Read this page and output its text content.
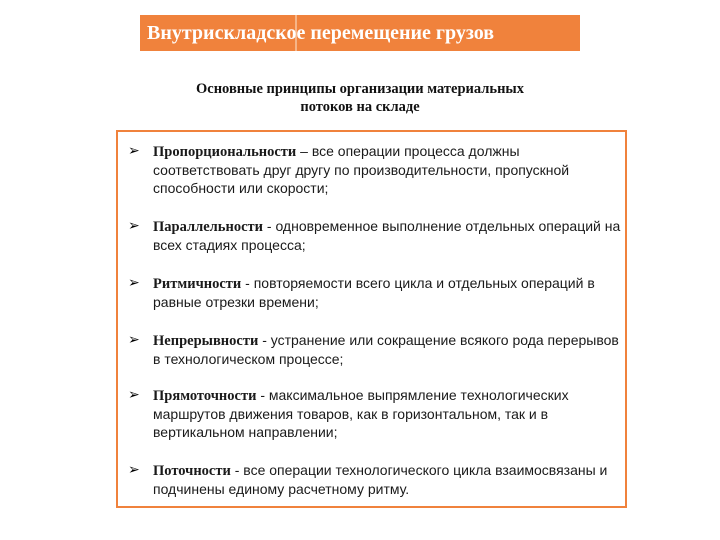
Внутрискладское перемещение грузов
Основные принципы организации материальных
потоков на складе
➢ Пропорциональности – все операции процесса должны соответствовать друг другу по производительности, пропускной способности или скорости;
➢ Параллельности - одновременное выполнение отдельных операций на всех стадиях процесса;
➢ Ритмичности - повторяемости всего цикла и отдельных операций в равные отрезки времени;
➢ Непрерывности - устранение или сокращение всякого рода перерывов в технологическом процессе;
➢ Прямоточности - максимальное выпрямление технологических маршрутов движения товаров, как в горизонтальном, так и в вертикальном направлении;
➢ Поточности - все операции технологического цикла взаимосвязаны и подчинены единому расчетному ритму.
